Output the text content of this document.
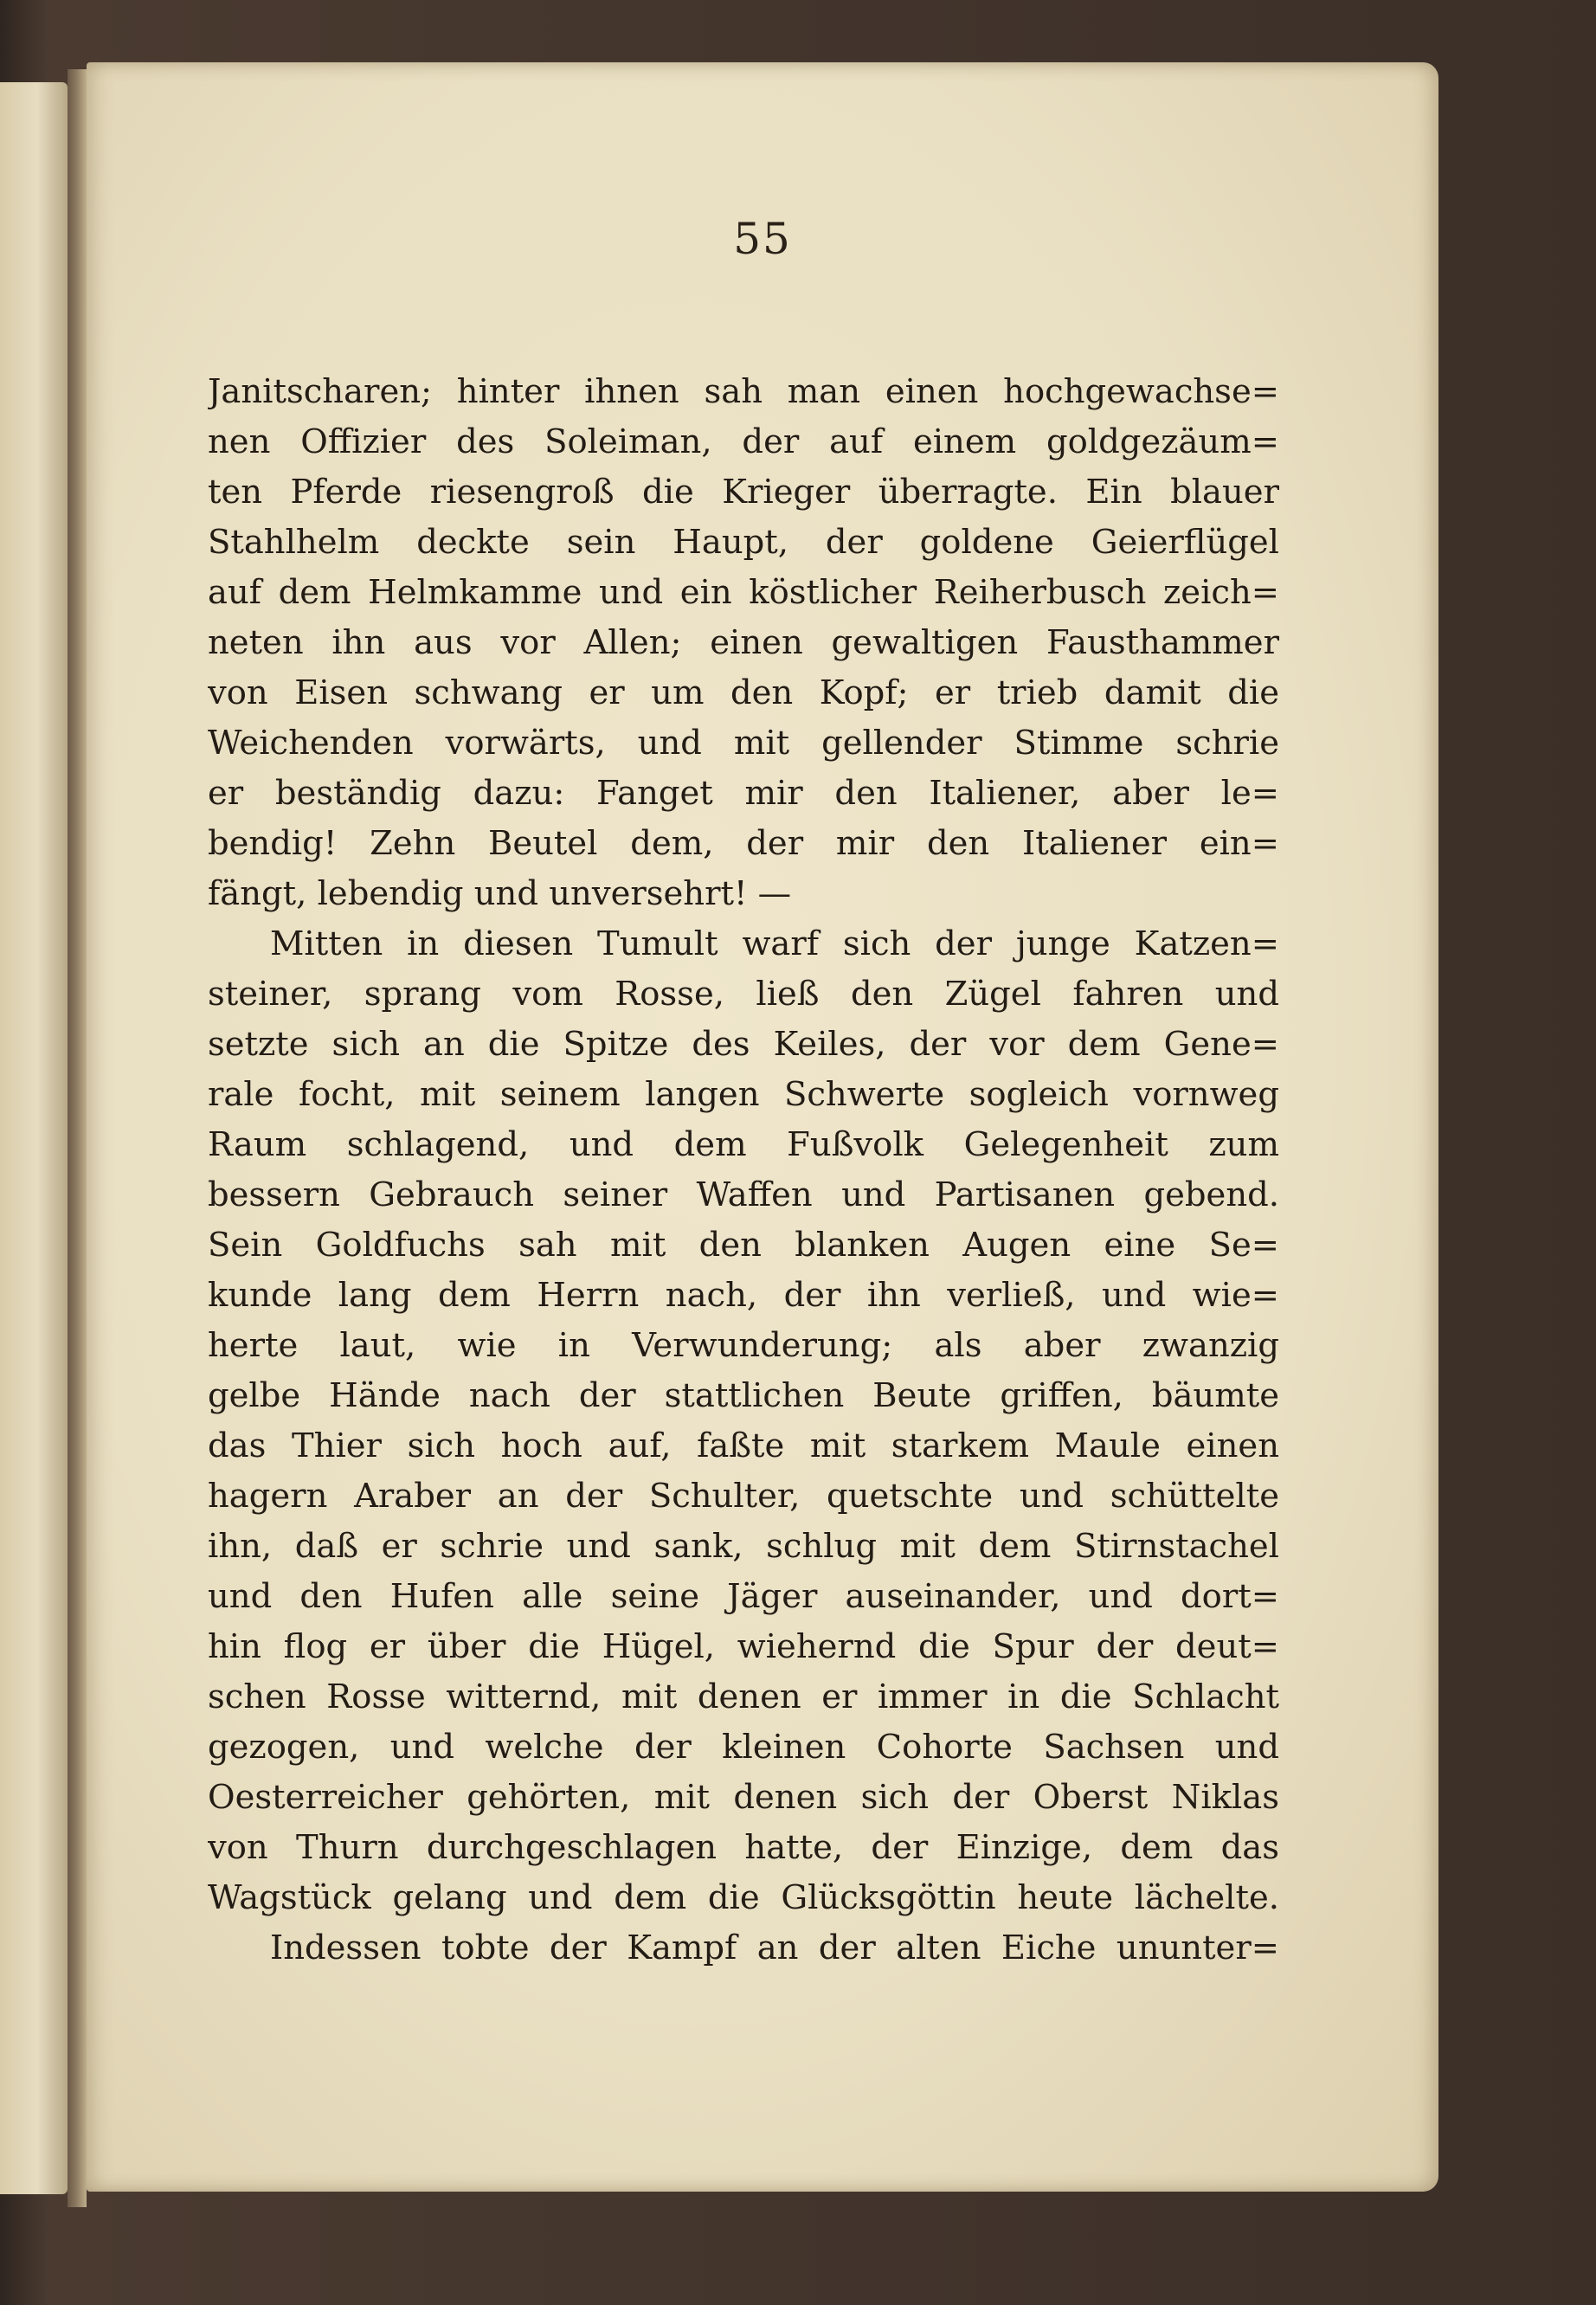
55
Janitscharen; hinter ihnen sah man einen hochgewachse=
nen Offizier des Soleiman, der auf einem goldgezäum=
ten Pferde riesengroß die Krieger überragte. Ein blauer
Stahlhelm deckte sein Haupt, der goldene Geierflügel
auf dem Helmkamme und ein köstlicher Reiherbusch zeich=
neten ihn aus vor Allen; einen gewaltigen Fausthammer
von Eisen schwang er um den Kopf; er trieb damit die
Weichenden vorwärts, und mit gellender Stimme schrie
er beständig dazu: Fanget mir den Italiener, aber le=
bendig! Zehn Beutel dem, der mir den Italiener ein=
fängt, lebendig und unversehrt! —
Mitten in diesen Tumult warf sich der junge Katzen=
steiner, sprang vom Rosse, ließ den Zügel fahren und
setzte sich an die Spitze des Keiles, der vor dem Gene=
rale focht, mit seinem langen Schwerte sogleich vornweg
Raum schlagend, und dem Fußvolk Gelegenheit zum
bessern Gebrauch seiner Waffen und Partisanen gebend.
Sein Goldfuchs sah mit den blanken Augen eine Se=
kunde lang dem Herrn nach, der ihn verließ, und wie=
herte laut, wie in Verwunderung; als aber zwanzig
gelbe Hände nach der stattlichen Beute griffen, bäumte
das Thier sich hoch auf, faßte mit starkem Maule einen
hagern Araber an der Schulter, quetschte und schüttelte
ihn, daß er schrie und sank, schlug mit dem Stirnstachel
und den Hufen alle seine Jäger auseinander, und dort=
hin flog er über die Hügel, wiehernd die Spur der deut=
schen Rosse witternd, mit denen er immer in die Schlacht
gezogen, und welche der kleinen Cohorte Sachsen und
Oesterreicher gehörten, mit denen sich der Oberst Niklas
von Thurn durchgeschlagen hatte, der Einzige, dem das
Wagstück gelang und dem die Glücksgöttin heute lächelte.
Indessen tobte der Kampf an der alten Eiche ununter=
